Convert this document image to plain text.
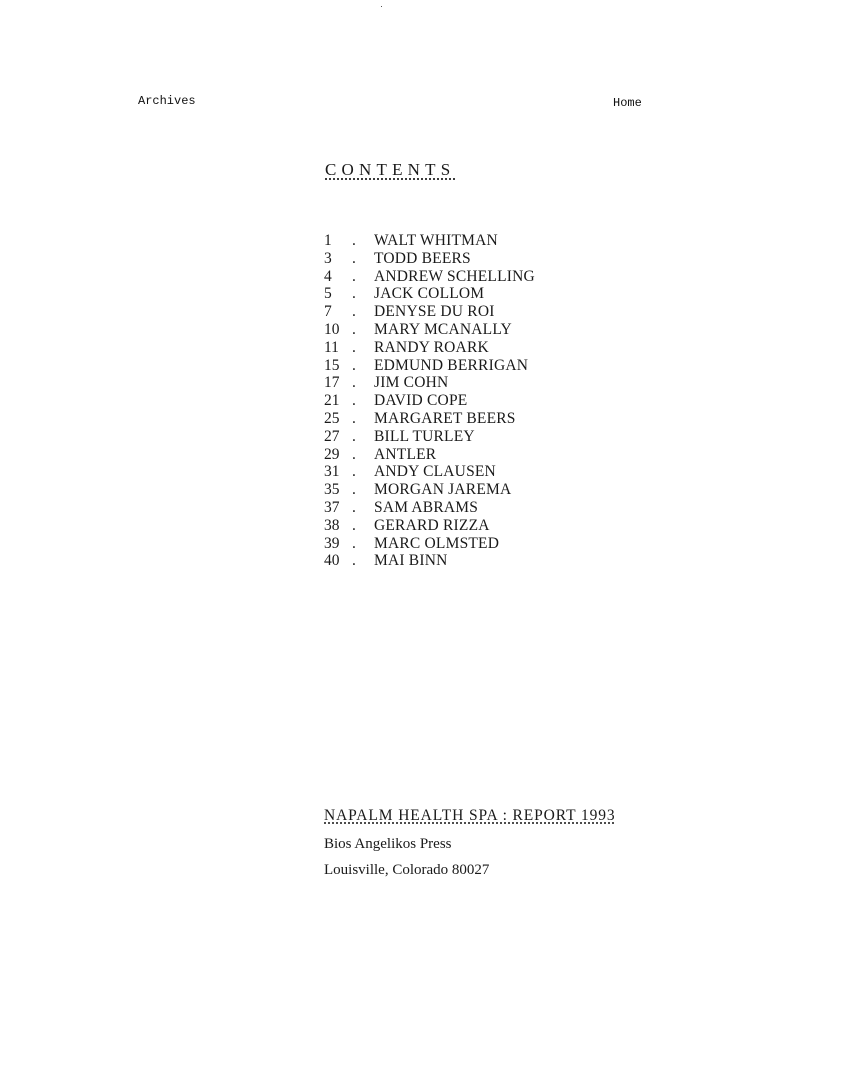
Archives	Home
CONTENTS
1	.	WALT WHITMAN
3	.	TODD BEERS
4	.	ANDREW SCHELLING
5	.	JACK COLLOM
7	.	DENYSE DU ROI
10 .	MARY MCANALLY
11 .	RANDY ROARK
15 .	EDMUND BERRIGAN
17 .	JIM COHN
21 .	DAVID COPE
25 .	MARGARET BEERS
27 .	BILL TURLEY
29 .	ANTLER
31 .	ANDY CLAUSEN
35 .	MORGAN JAREMA
37 .	SAM ABRAMS
38 .	GERARD RIZZA
39 .	MARC OLMSTED
40 .	MAI BINN
NAPALM HEALTH SPA : REPORT 1993
Bios Angelikos Press
Louisville, Colorado 80027
